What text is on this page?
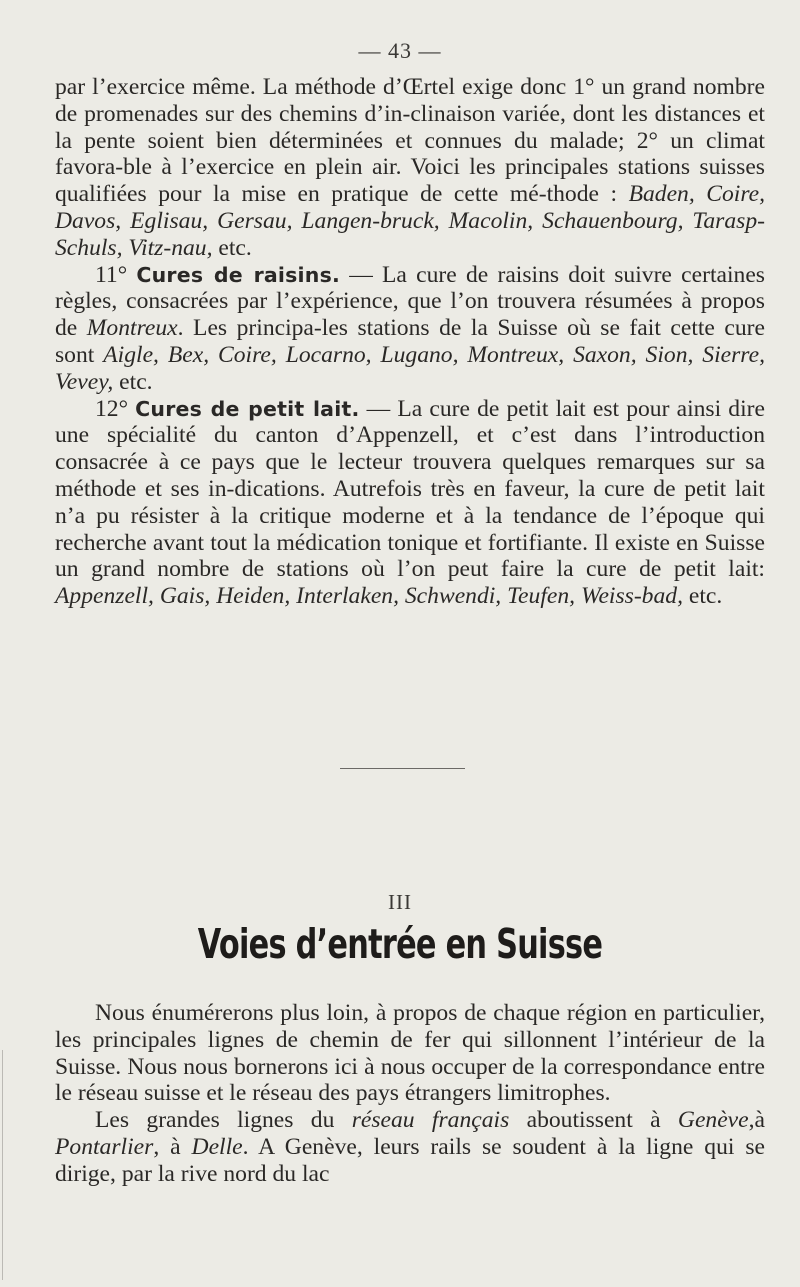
— 43 —

par l’exercice même. La méthode d’Œrtel exige donc 1° un grand nombre de promenades sur des chemins d’in-clinaison variée, dont les distances et la pente soient bien déterminées et connues du malade; 2° un climat favora-ble à l’exercice en plein air. Voici les principales stations suisses qualifiées pour la mise en pratique de cette mé-thode : Baden, Coire, Davos, Eglisau, Gersau, Langen-bruck, Macolin, Schauenbourg, Tarasp-Schuls, Vitz-nau, etc.

11° Cures de raisins. — La cure de raisins doit suivre certaines règles, consacrées par l’expérience, que l’on trouvera résumées à propos de Montreux. Les principa-les stations de la Suisse où se fait cette cure sont Aigle, Bex, Coire, Locarno, Lugano, Montreux, Saxon, Sion, Sierre, Vevey, etc.

12° Cures de petit lait. — La cure de petit lait est pour ainsi dire une spécialité du canton d’Appenzell, et c’est dans l’introduction consacrée à ce pays que le lecteur trouvera quelques remarques sur sa méthode et ses in-dications. Autrefois très en faveur, la cure de petit lait n’a pu résister à la critique moderne et à la tendance de l’époque qui recherche avant tout la médication tonique et fortifiante. Il existe en Suisse un grand nombre de stations où l’on peut faire la cure de petit lait: Appenzell, Gais, Heiden, Interlaken, Schwendi, Teufen, Weiss-bad, etc.

III
Voies d’entrée en Suisse

Nous énumérerons plus loin, à propos de chaque région en particulier, les principales lignes de chemin de fer qui sillonnent l’intérieur de la Suisse. Nous nous bornerons ici à nous occuper de la correspondance entre le réseau suisse et le réseau des pays étrangers limitrophes.

Les grandes lignes du réseau français aboutissent à Genève,à Pontarlier, à Delle. A Genève, leurs rails se soudent à la ligne qui se dirige, par la rive nord du lac
